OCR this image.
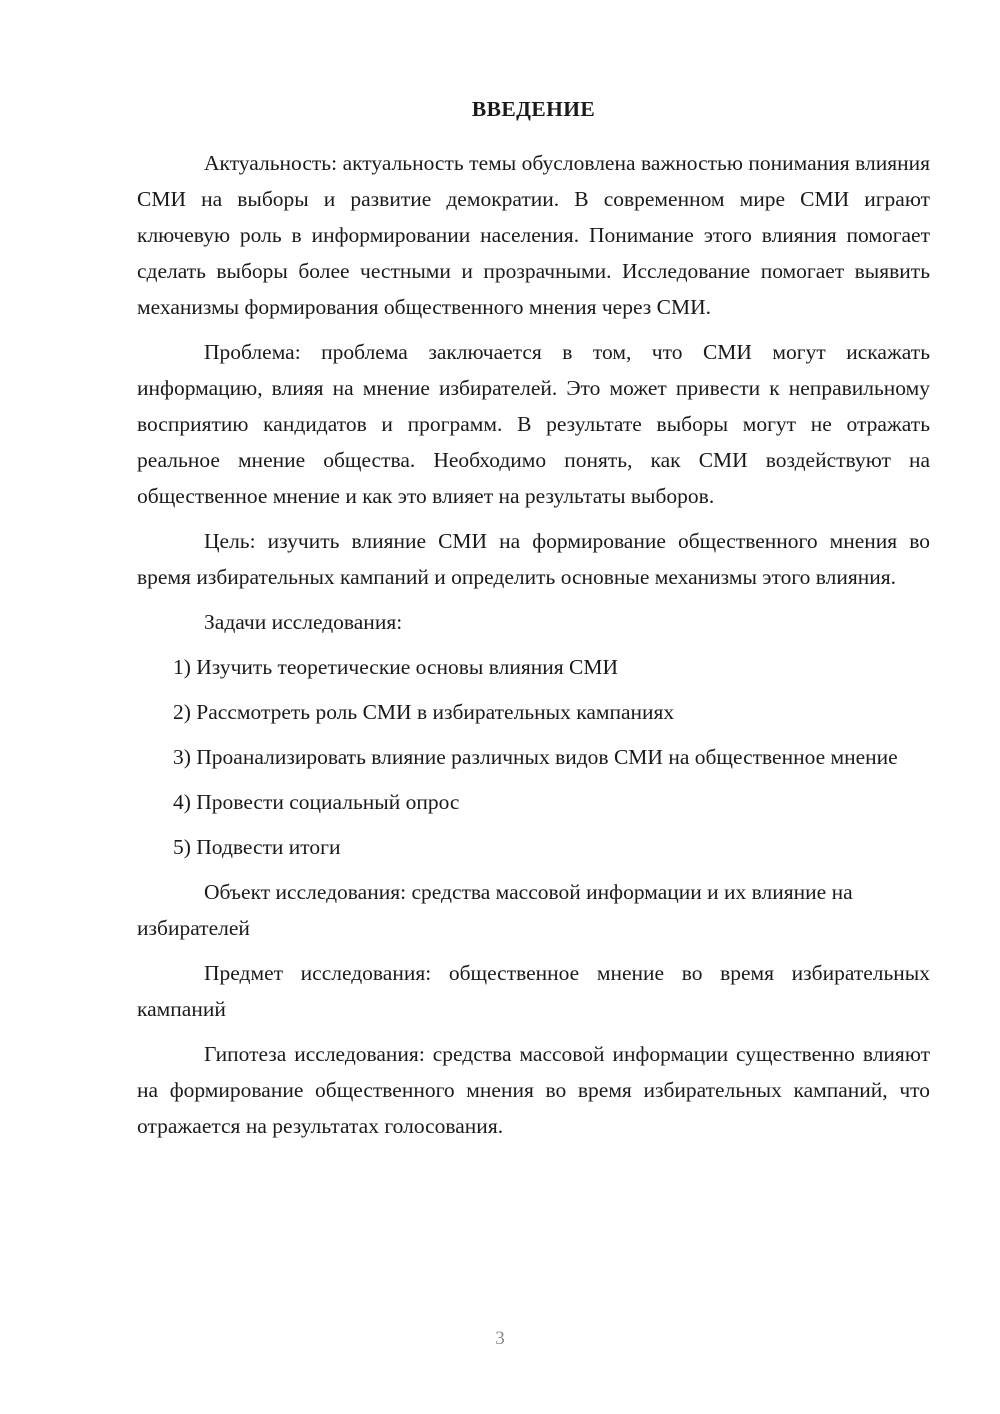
ВВЕДЕНИЕ

Актуальность: актуальность темы обусловлена важностью понимания влияния СМИ на выборы и развитие демократии. В современном мире СМИ играют ключевую роль в информировании населения. Понимание этого влияния помогает сделать выборы более честными и прозрачными. Исследование помогает выявить механизмы формирования общественного мнения через СМИ.

Проблема: проблема заключается в том, что СМИ могут искажать информацию, влияя на мнение избирателей. Это может привести к неправильному восприятию кандидатов и программ. В результате выборы могут не отражать реальное мнение общества. Необходимо понять, как СМИ воздействуют на общественное мнение и как это влияет на результаты выборов.

Цель: изучить влияние СМИ на формирование общественного мнения во время избирательных кампаний и определить основные механизмы этого влияния.

Задачи исследования:

1) Изучить теоретические основы влияния СМИ

2) Рассмотреть роль СМИ в избирательных кампаниях

3) Проанализировать влияние различных видов СМИ на общественное мнение

4) Провести социальный опрос

5) Подвести итоги

Объект исследования: средства массовой информации и их влияние на избирателей

Предмет исследования: общественное мнение во время избирательных кампаний

Гипотеза исследования: средства массовой информации существенно влияют на формирование общественного мнения во время избирательных кампаний, что отражается на результатах голосования.

3
